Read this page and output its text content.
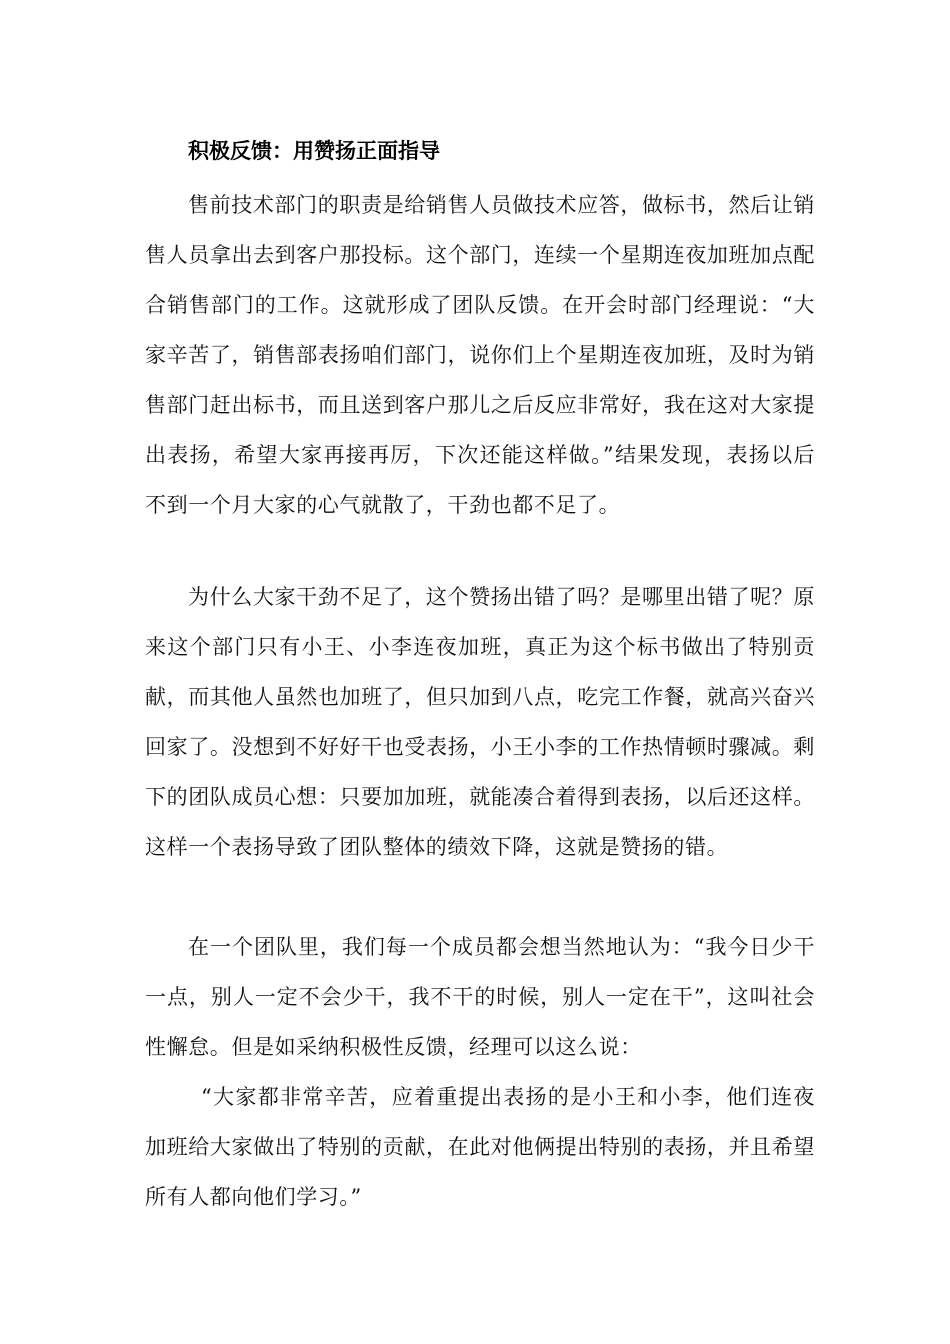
积极反馈：用赞扬正面指导

售前技术部门的职责是给销售人员做技术应答，做标书，然后让销售人员拿出去到客户那投标。这个部门，连续一个星期连夜加班加点配合销售部门的工作。这就形成了团队反馈。在开会时部门经理说：“大家辛苦了，销售部表扬咱们部门，说你们上个星期连夜加班，及时为销售部门赶出标书，而且送到客户那儿之后反应非常好，我在这对大家提出表扬，希望大家再接再厉，下次还能这样做。”结果发现，表扬以后不到一个月大家的心气就散了，干劲也都不足了。

为什么大家干劲不足了，这个赞扬出错了吗？是哪里出错了呢？原来这个部门只有小王、小李连夜加班，真正为这个标书做出了特别贡献，而其他人虽然也加班了，但只加到八点，吃完工作餐，就高兴奋兴回家了。没想到不好好干也受表扬，小王小李的工作热情顿时骤减。剩下的团队成员心想：只要加加班，就能凑合着得到表扬，以后还这样。这样一个表扬导致了团队整体的绩效下降，这就是赞扬的错。

在一个团队里，我们每一个成员都会想当然地认为：“我今日少干一点，别人一定不会少干，我不干的时候，别人一定在干”，这叫社会性懈怠。但是如采纳积极性反馈，经理可以这么说：

“大家都非常辛苦，应着重提出表扬的是小王和小李，他们连夜加班给大家做出了特别的贡献，在此对他俩提出特别的表扬，并且希望所有人都向他们学习。”
